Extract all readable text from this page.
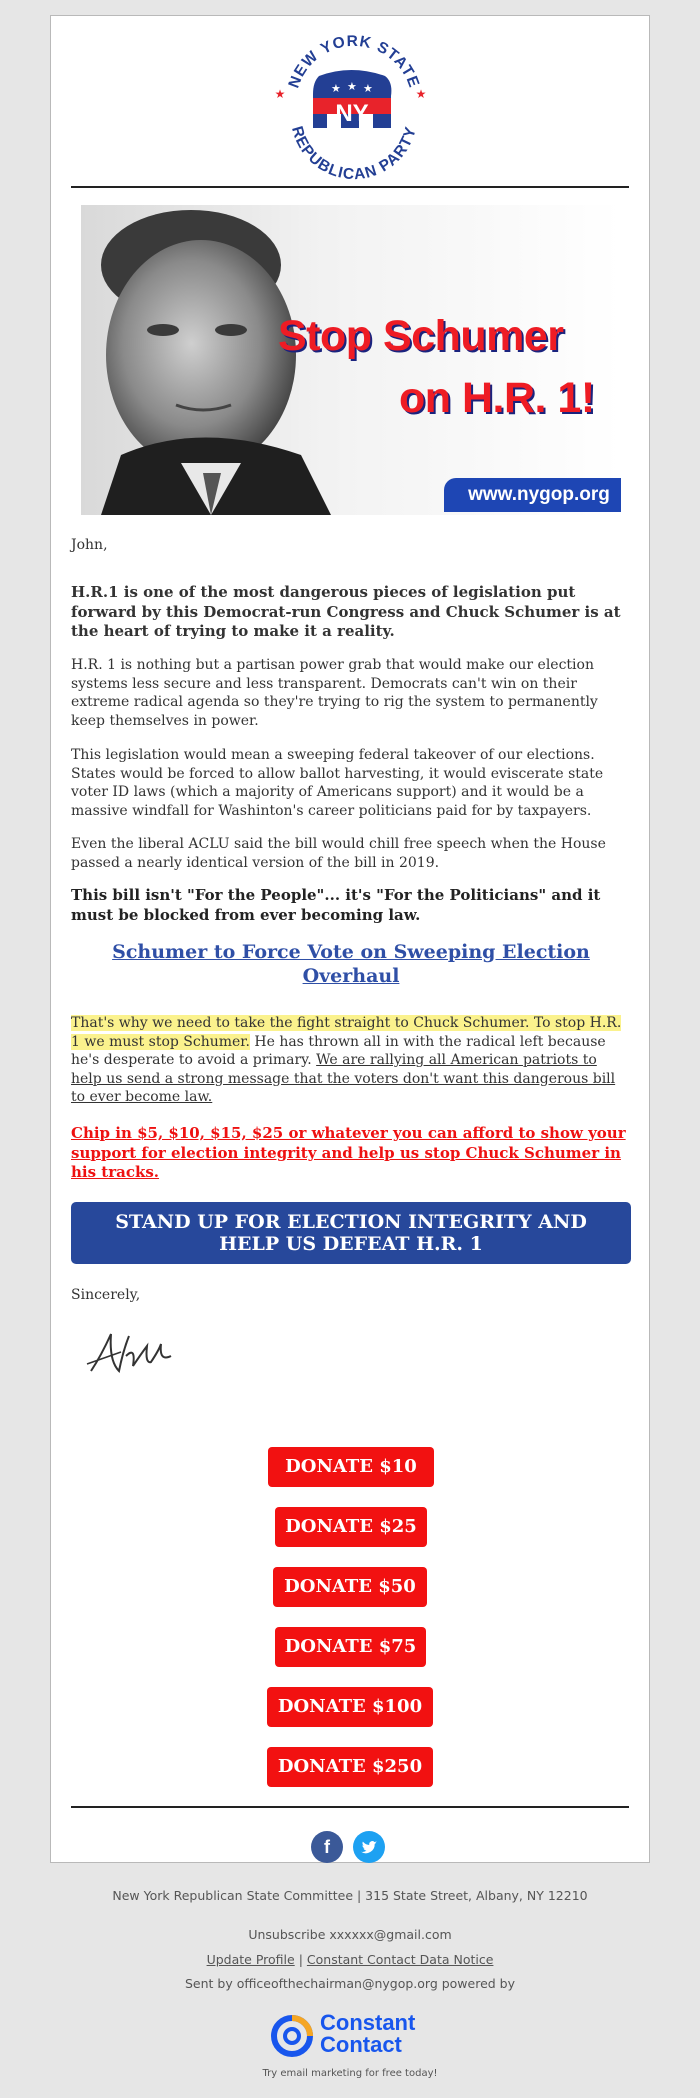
NEW YORK STATE
REPUBLICAN PARTY
★	★
★ ★ ★
NY
Stop Schumer
on H.R. 1!
www.nygop.org
John,
H.R.1 is one of the most dangerous pieces of legislation put forward by this Democrat-run Congress and Chuck Schumer is at the heart of trying to make it a reality.
H.R. 1 is nothing but a partisan power grab that would make our election systems less secure and less transparent. Democrats can't win on their extreme radical agenda so they're trying to rig the system to permanently keep themselves in power.
This legislation would mean a sweeping federal takeover of our elections. States would be forced to allow ballot harvesting, it would eviscerate state voter ID laws (which a majority of Americans support) and it would be a massive windfall for Washinton's career politicians paid for by taxpayers.
Even the liberal ACLU said the bill would chill free speech when the House passed a nearly identical version of the bill in 2019.
This bill isn't "For the People"... it's "For the Politicians" and it must be blocked from ever becoming law.
Schumer to Force Vote on Sweeping Election Overhaul
That's why we need to take the fight straight to Chuck Schumer. To stop H.R. 1 we must stop Schumer. He has thrown all in with the radical left because he's desperate to avoid a primary. We are rallying all American patriots to help us send a strong message that the voters don't want this dangerous bill to ever become law.
Chip in $5, $10, $15, $25 or whatever you can afford to show your support for election integrity and help us stop Chuck Schumer in his tracks.
STAND UP FOR ELECTION INTEGRITY AND HELP US DEFEAT H.R. 1
Sincerely,
DONATE $10
DONATE $25
DONATE $50
DONATE $75
DONATE $100
DONATE $250
f
New York Republican State Committee | 315 State Street, Albany, NY 12210
Unsubscribe xxxxxx@gmail.com
Update Profile | Constant Contact Data Notice
Sent by officeofthechairman@nygop.org powered by
Constant
Contact
Try email marketing for free today!
